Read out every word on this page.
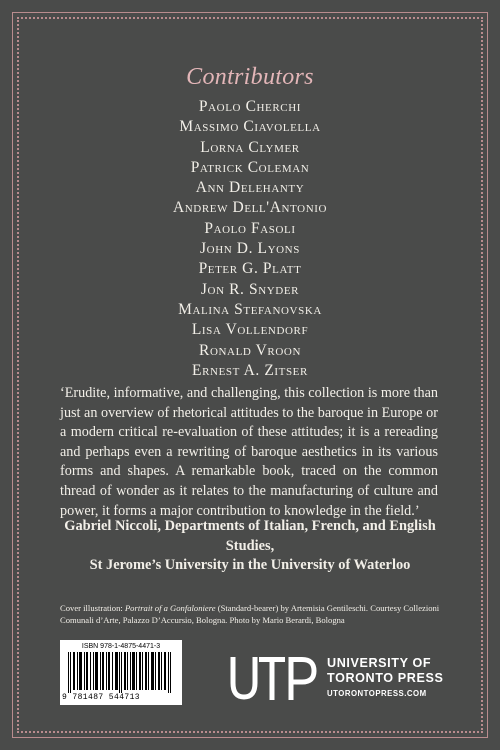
Contributors
Paolo Cherchi
Massimo Ciavolella
Lorna Clymer
Patrick Coleman
Ann Delehanty
Andrew Dell'Antonio
Paolo Fasoli
John D. Lyons
Peter G. Platt
Jon R. Snyder
Malina Stefanovska
Lisa Vollendorf
Ronald Vroon
Ernest A. Zitser

‘Erudite, informative, and challenging, this collection is more than just an overview of rhetorical attitudes to the baroque in Europe or a modern critical re-evaluation of these attitudes; it is a rereading and perhaps even a rewriting of baroque aesthetics in its various forms and shapes. A remarkable book, traced on the common thread of wonder as it relates to the manufacturing of culture and power, it forms a major contribution to knowledge in the field.’

Gabriel Niccoli, Departments of Italian, French, and English Studies,
St Jerome’s University in the University of Waterloo

Cover illustration: Portrait of a Gonfaloniere (Standard-bearer) by Artemisia Gentileschi. Courtesy Collezioni Comunali d’Arte, Palazzo D’Accursio, Bologna. Photo by Mario Berardi, Bologna

ISBN 978-1-4875-4471-3
9 781487 544713
UNIVERSITY OF
TORONTO PRESS
UTORONTOPRESS.COM
